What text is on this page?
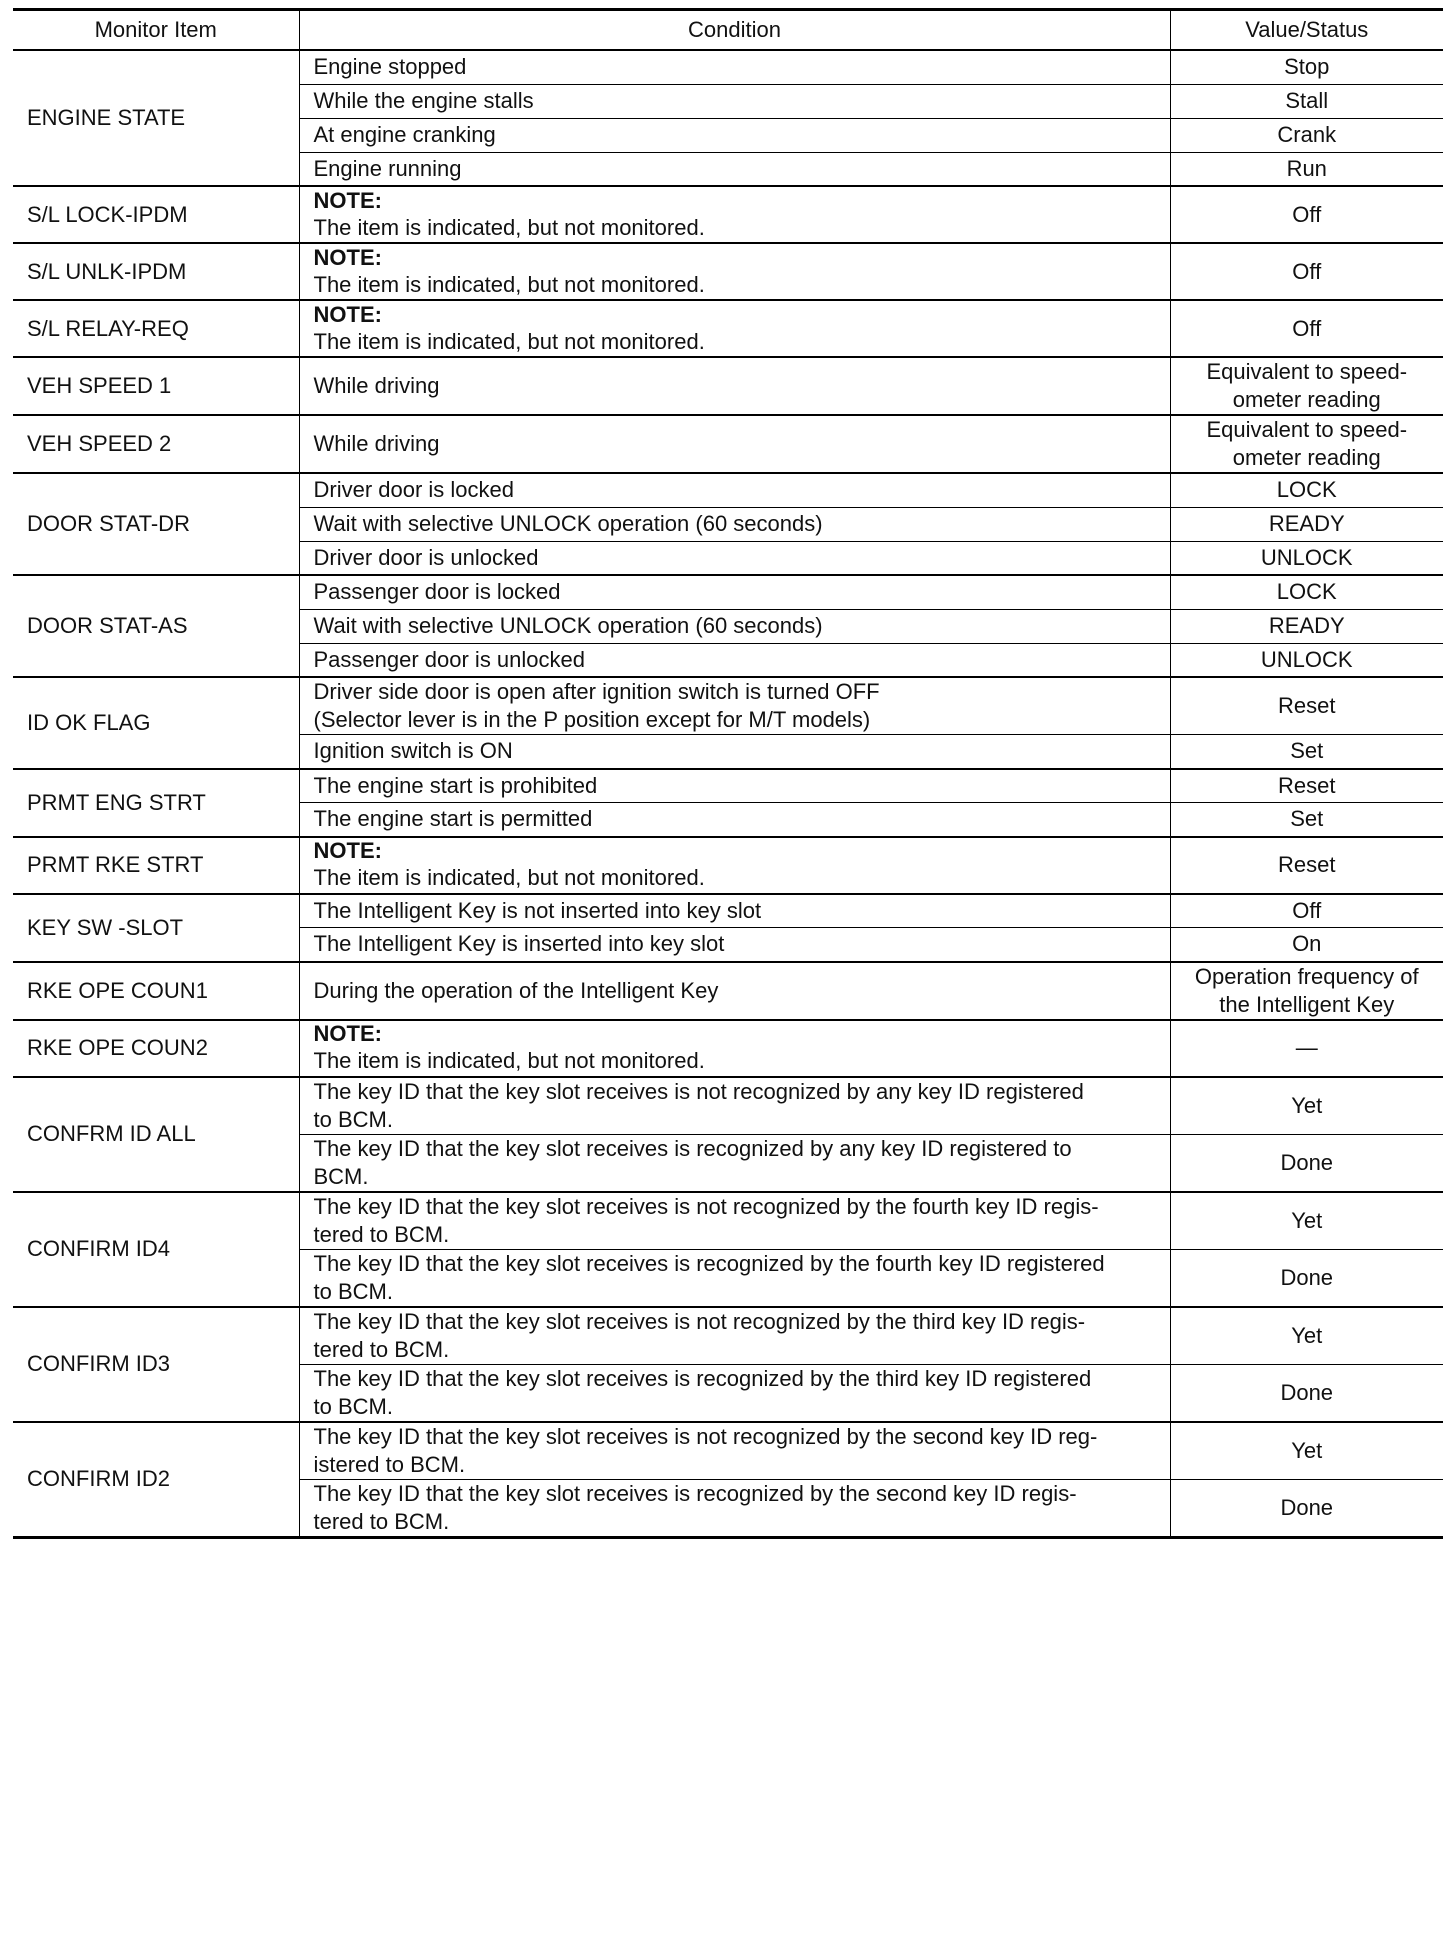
Monitor Item	Condition	Value/Status
ENGINE STATE	Engine stopped	Stop
	While the engine stalls	Stall
	At engine cranking	Crank
	Engine running	Run
S/L LOCK-IPDM	NOTE:
The item is indicated, but not monitored.	Off
S/L UNLK-IPDM	NOTE:
The item is indicated, but not monitored.	Off
S/L RELAY-REQ	NOTE:
The item is indicated, but not monitored.	Off
VEH SPEED 1	While driving	Equivalent to speed-
ometer reading
VEH SPEED 2	While driving	Equivalent to speed-
ometer reading
DOOR STAT-DR	Driver door is locked	LOCK
	Wait with selective UNLOCK operation (60 seconds)	READY
	Driver door is unlocked	UNLOCK
DOOR STAT-AS	Passenger door is locked	LOCK
	Wait with selective UNLOCK operation (60 seconds)	READY
	Passenger door is unlocked	UNLOCK
ID OK FLAG	Driver side door is open after ignition switch is turned OFF
(Selector lever is in the P position except for M/T models)	Reset
	Ignition switch is ON	Set
PRMT ENG STRT	The engine start is prohibited	Reset
	The engine start is permitted	Set
PRMT RKE STRT	NOTE:
The item is indicated, but not monitored.	Reset
KEY SW -SLOT	The Intelligent Key is not inserted into key slot	Off
	The Intelligent Key is inserted into key slot	On
RKE OPE COUN1	During the operation of the Intelligent Key	Operation frequency of
the Intelligent Key
RKE OPE COUN2	NOTE:
The item is indicated, but not monitored.	—
CONFRM ID ALL	The key ID that the key slot receives is not recognized by any key ID registered
to BCM.	Yet
	The key ID that the key slot receives is recognized by any key ID registered to
BCM.	Done
CONFIRM ID4	The key ID that the key slot receives is not recognized by the fourth key ID regis-
tered to BCM.	Yet
	The key ID that the key slot receives is recognized by the fourth key ID registered
to BCM.	Done
CONFIRM ID3	The key ID that the key slot receives is not recognized by the third key ID regis-
tered to BCM.	Yet
	The key ID that the key slot receives is recognized by the third key ID registered
to BCM.	Done
CONFIRM ID2	The key ID that the key slot receives is not recognized by the second key ID reg-
istered to BCM.	Yet
	The key ID that the key slot receives is recognized by the second key ID regis-
tered to BCM.	Done
